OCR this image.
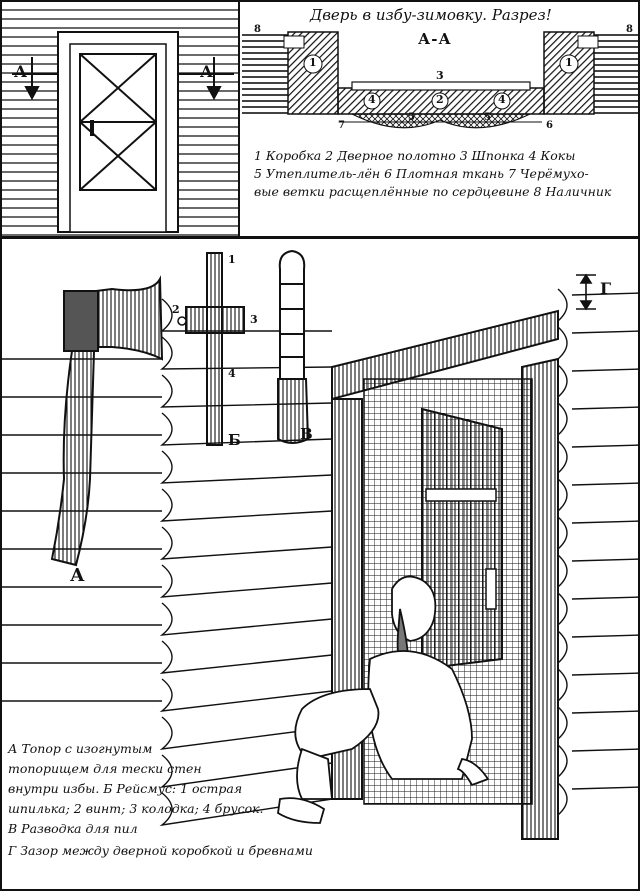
А	А
Дверь в избу-зимовку. Разрез!
А-А
8
1	1
8
3
4	2	4
5	5
7	6
1 Коробка 2 Дверное полотно 3 Шпонка 4 Кокы
5 Утеплитель-лён 6 Плотная ткань 7 Черёмухо-
вые ветки расщеплённые по сердцевине 8 Наличник
А
Б	В
Г
1
2
3
4
А Топор с изогнутым
топорищем для тески стен
внутри избы. Б Рейсмус: 1 острая
шпилька; 2 винт; 3 колодка; 4 брусок.
В Разводка для пил
Г Зазор между дверной коробкой и бревнами
